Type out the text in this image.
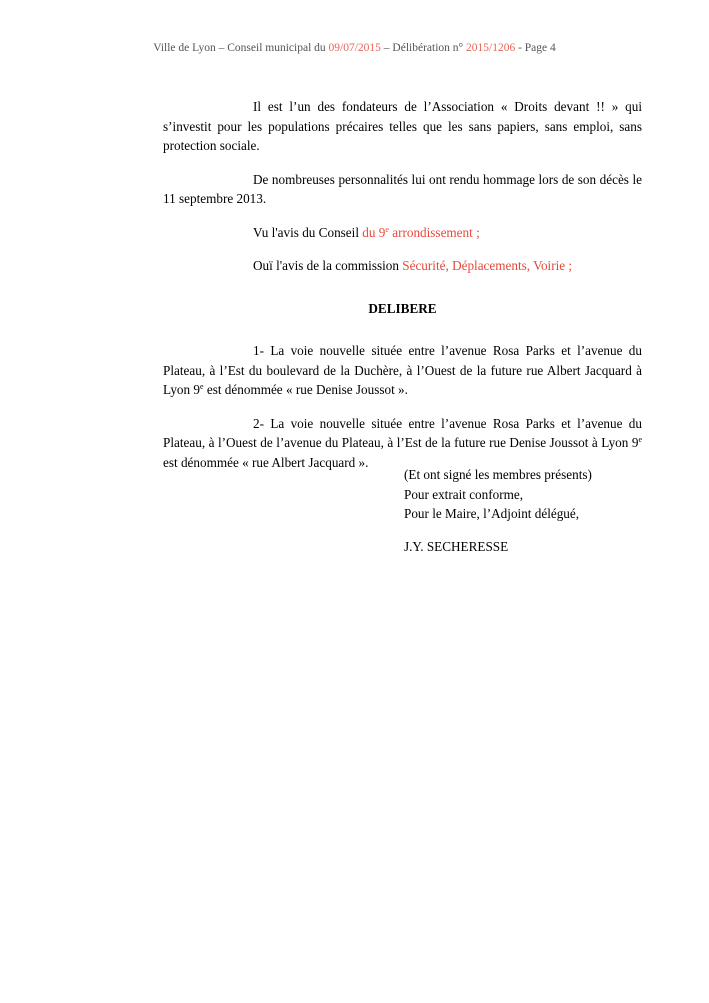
Ville de Lyon – Conseil municipal du 09/07/2015 – Délibération n° 2015/1206 - Page 4

Il est l’un des fondateurs de l’Association « Droits devant !! » qui s’investit pour les populations précaires telles que les sans papiers, sans emploi, sans protection sociale.

De nombreuses personnalités lui ont rendu hommage lors de son décès le 11 septembre 2013.

Vu l'avis du Conseil du 9e arrondissement ;

Ouï l'avis de la commission Sécurité, Déplacements, Voirie ;

DELIBERE

1- La voie nouvelle située entre l’avenue Rosa Parks et l’avenue du Plateau, à l’Est du boulevard de la Duchère, à l’Ouest de la future rue Albert Jacquard à Lyon 9e est dénommée « rue Denise Joussot ».

2- La voie nouvelle située entre l’avenue Rosa Parks et l’avenue du Plateau, à l’Ouest de l’avenue du Plateau, à l’Est de la future rue Denise Joussot à Lyon 9e est dénommée « rue Albert Jacquard ».

(Et ont signé les membres présents)
Pour extrait conforme,
Pour le Maire, l’Adjoint délégué,
J.Y. SECHERESSE
